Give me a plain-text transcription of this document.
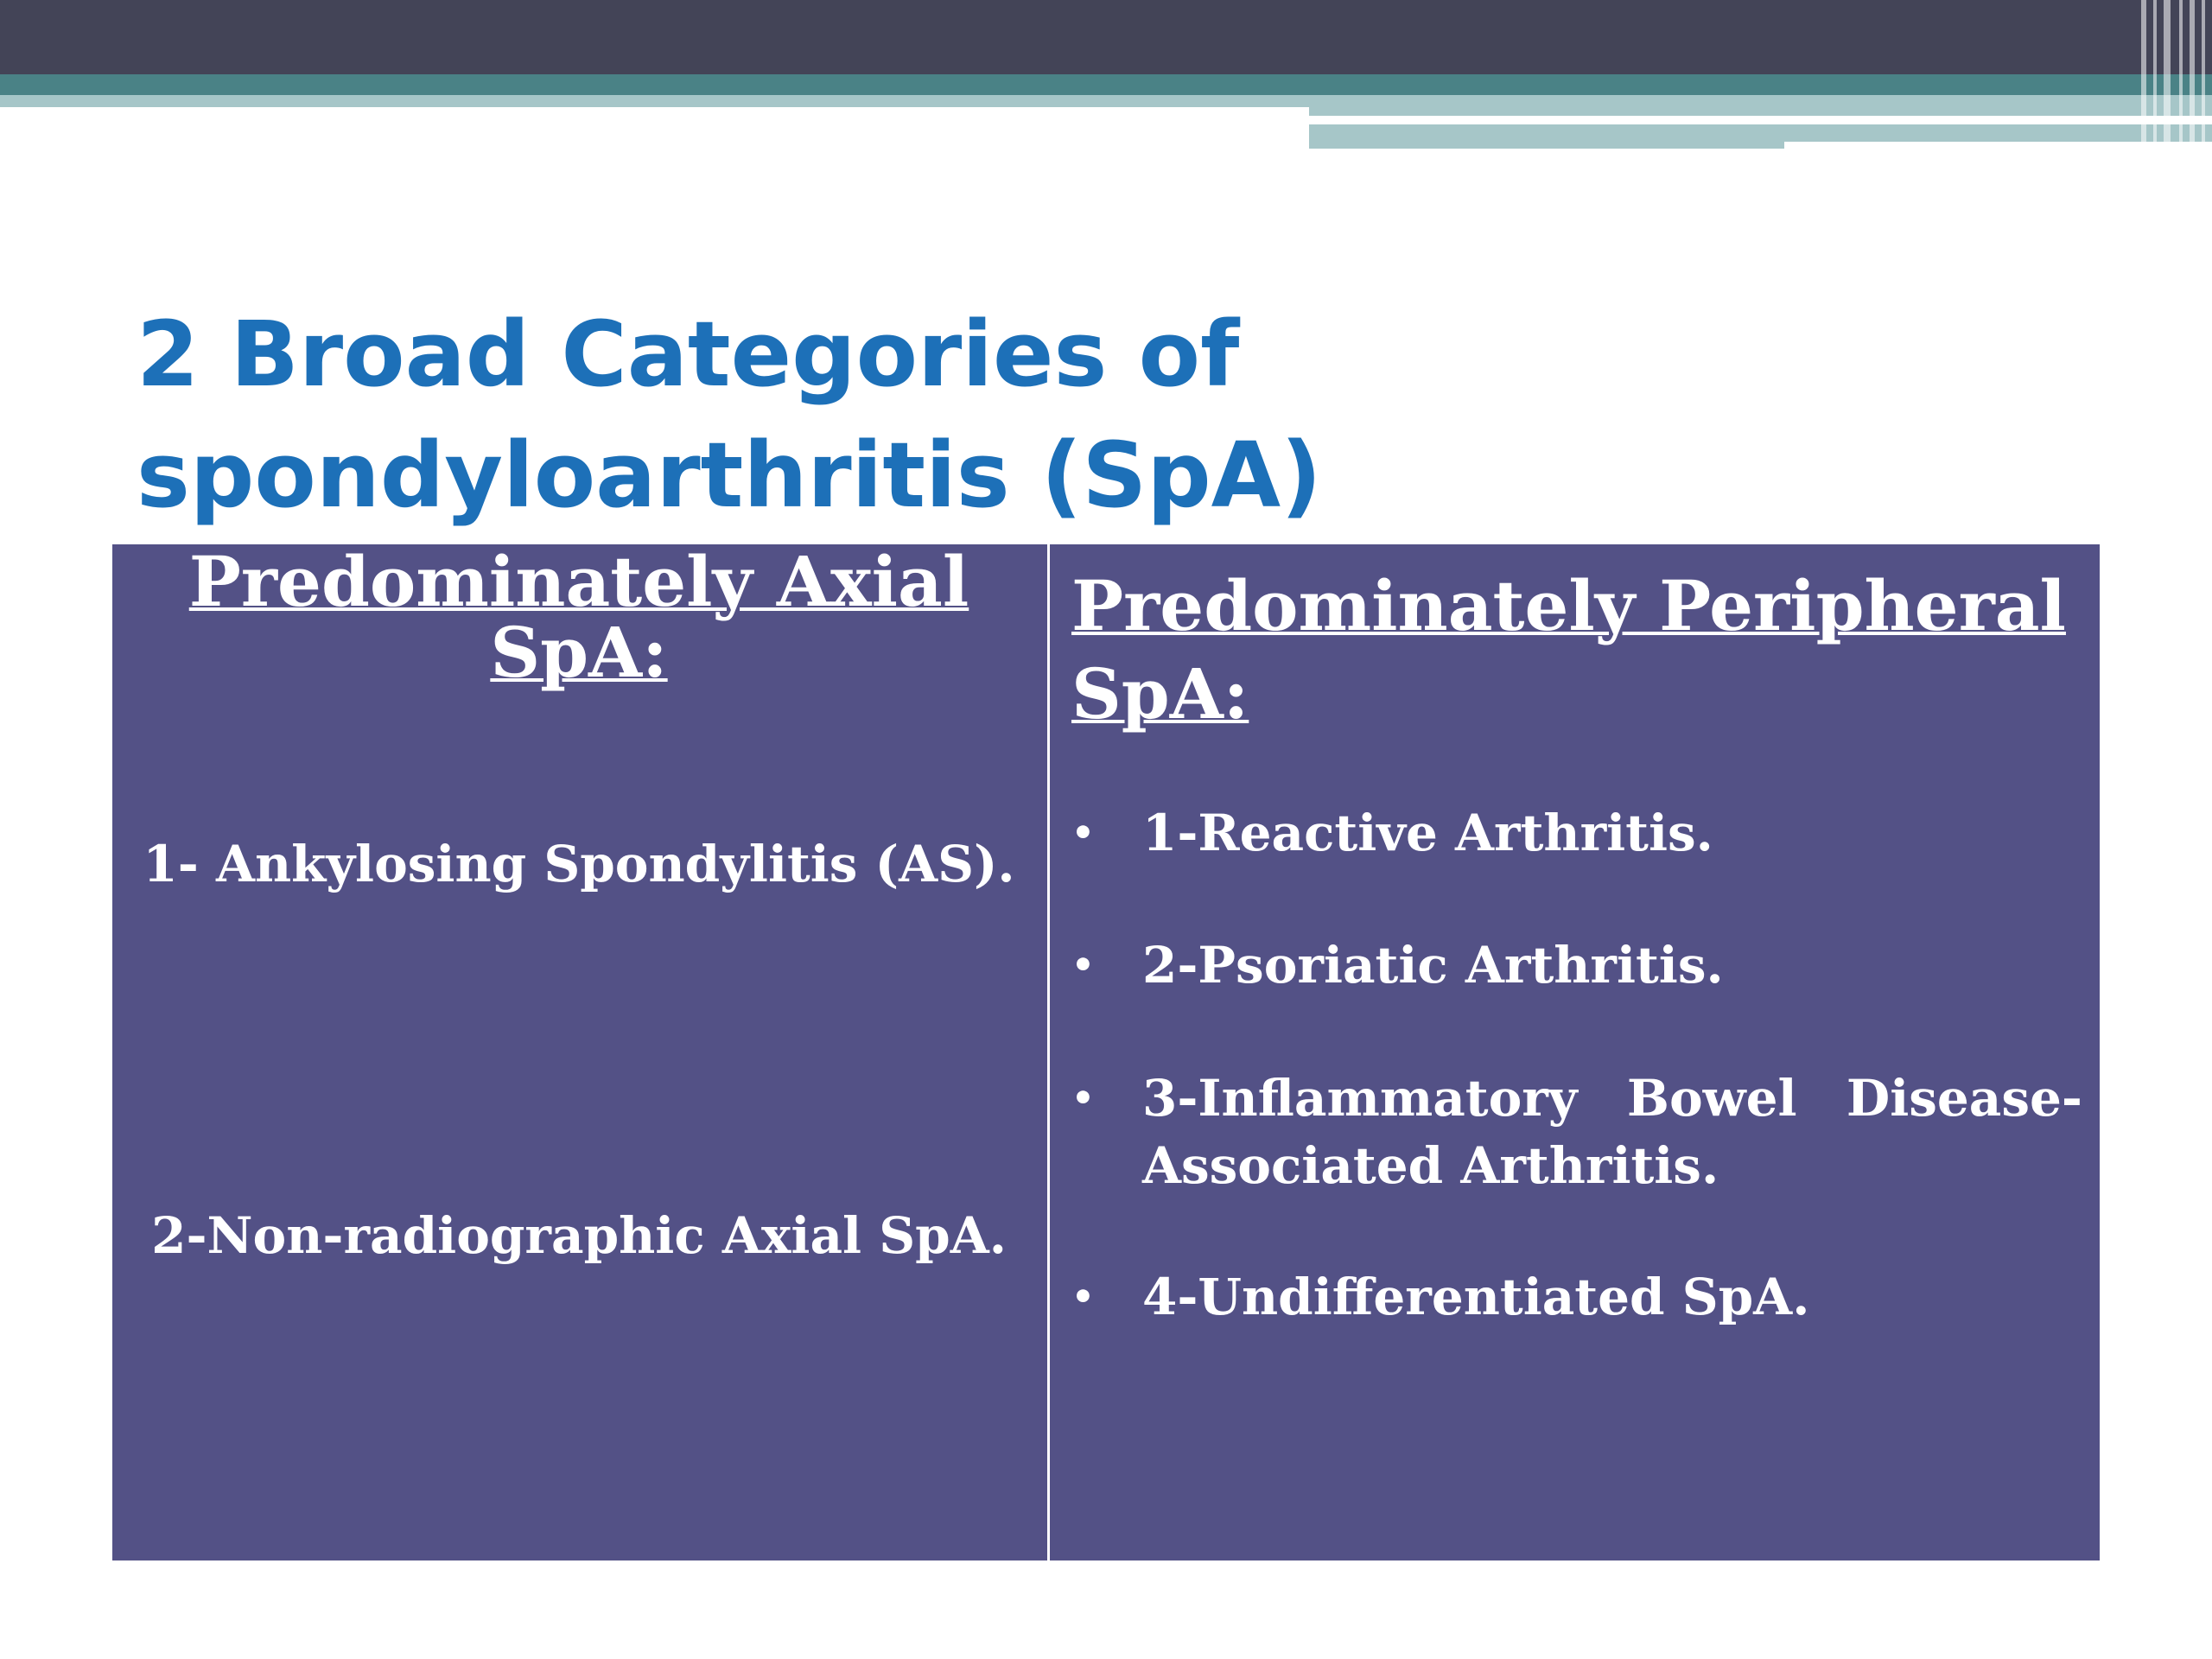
2 Broad Categories of spondyloarthritis (SpA)
Predominately Axial SpA:
1- Ankylosing Spondylitis (AS).
2-Non-radiographic Axial SpA.
Predominately Peripheral SpA:
• 1-Reactive Arthritis.
• 2-Psoriatic Arthritis.
• 3-Inflammatory Bowel Disease-Associated Arthritis.
• 4-Undifferentiated SpA.
